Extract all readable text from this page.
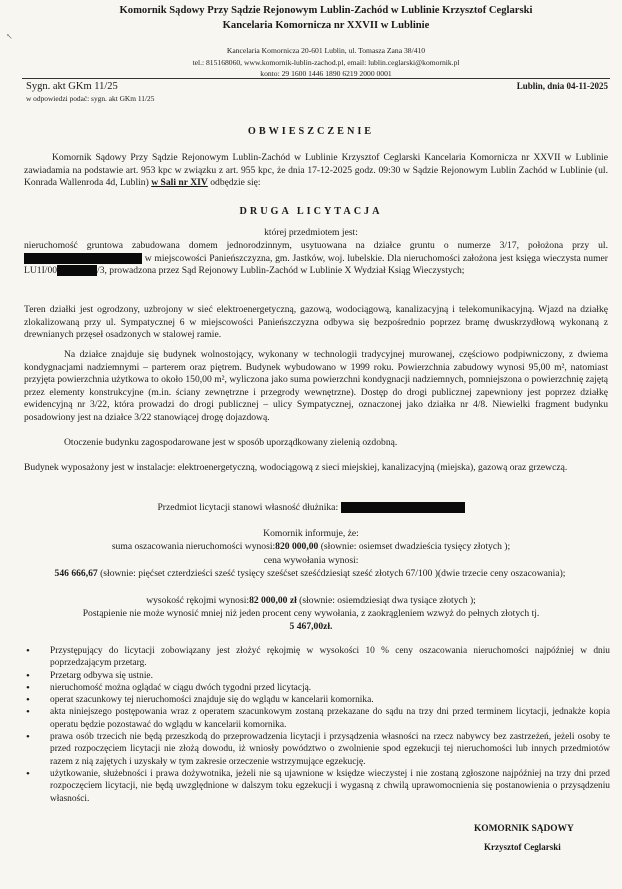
↖
Komornik Sądowy Przy Sądzie Rejonowym Lublin-Zachód w Lublinie Krzysztof Ceglarski
Kancelaria Komornicza nr XXVII w Lublinie
Kancelaria Komornicza 20-601 Lublin, ul. Tomasza Zana 38/410
tel.: 815168060, www.komornik-lublin-zachod.pl, email: lublin.ceglarski@komornik.pl
konto: 29 1600 1446 1890 6219 2000 0001
Sygn. akt GKm 11/25
w odpowiedzi podać: sygn. akt GKm 11/25
Lublin, dnia 04-11-2025
OBWIESZCZENIE
Komornik Sądowy Przy Sądzie Rejonowym Lublin-Zachód w Lublinie Krzysztof Ceglarski Kancelaria Komornicza nr XXVII w Lublinie zawiadamia na podstawie art. 953 kpc w związku z art. 955 kpc, że dnia 17-12-2025 godz. 09:30 w Sądzie Rejonowym Lublin Zachód w Lublinie (ul. Konrada Wallenroda 4d, Lublin) w Sali nr XIV odbędzie się:
DRUGA LICYTACJA
której przedmiotem jest:
nieruchomość gruntowa zabudowana domem jednorodzinnym, usytuowana na działce gruntu o numerze 3/17, położona przy ul.  w miejscowości Panieńszczyzna, gm. Jastków, woj. lubelskie. Dla nieruchomości założona jest księga wieczysta numer LU1I/00	/3, prowadzona przez Sąd Rejonowy Lublin-Zachód w Lublinie X Wydział Ksiąg Wieczystych;
Teren działki jest ogrodzony, uzbrojony w sieć elektroenergetyczną, gazową, wodociągową, kanalizacyjną i telekomunikacyjną. Wjazd na działkę zlokalizowaną przy ul. Sympatycznej 6 w miejscowości Panieńszczyzna odbywa się bezpośrednio poprzez bramę dwuskrzydłową wykonaną z drewnianych przęseł osadzonych w stalowej ramie.
Na działce znajduje się budynek wolnostojący, wykonany w technologii tradycyjnej murowanej, częściowo podpiwniczony, z dwiema kondygnacjami nadziemnymi – parterem oraz piętrem. Budynek wybudowano w 1999 roku. Powierzchnia zabudowy wynosi 95,00 m², natomiast przyjęta powierzchnia użytkowa to około 150,00 m², wyliczona jako suma powierzchni kondygnacji nadziemnych, pomniejszona o powierzchnię zajętą przez elementy konstrukcyjne (m.in. ściany zewnętrzne i przegrody wewnętrzne). Dostęp do drogi publicznej zapewniony jest poprzez działkę ewidencyjną nr 3/22, która prowadzi do drogi publicznej – ulicy Sympatycznej, oznaczonej jako działka nr 4/8. Niewielki fragment budynku posadowiony jest na działce 3/22 stanowiącej drogę dojazdową.
Otoczenie budynku zagospodarowane jest w sposób uporządkowany zielenią ozdobną.
Budynek wyposażony jest w instalacje: elektroenergetyczną, wodociągową z sieci miejskiej, kanalizacyjną (miejska), gazową oraz grzewczą.
Przedmiot licytacji stanowi własność dłużnika:
Komornik informuje, że:
suma oszacowania nieruchomości wynosi:820 000,00 (słownie: osiemset dwadzieścia tysięcy złotych );
cena wywołania wynosi:
546 666,67 (słownie: pięćset czterdzieści sześć tysięcy sześćset sześćdziesiąt sześć złotych 67/100 )(dwie trzecie ceny oszacowania);
wysokość rękojmi wynosi:82 000,00 zł (słownie: osiemdziesiąt dwa tysiące złotych );
Postąpienie nie może wynosić mniej niż jeden procent ceny wywołania, z zaokrągleniem wzwyż do pełnych złotych tj.
5 467,00zł.
• Przystępujący do licytacji zobowiązany jest złożyć rękojmię w wysokości 10 % ceny oszacowania nieruchomości najpóźniej w dniu poprzedzającym przetarg.
• Przetarg odbywa się ustnie.
• nieruchomość można oglądać w ciągu dwóch tygodni przed licytacją.
• operat szacunkowy tej nieruchomości znajduje się do wglądu w kancelarii komornika.
• akta niniejszego postępowania wraz z operatem szacunkowym zostaną przekazane do sądu na trzy dni przed terminem licytacji, jednakże kopia operatu będzie pozostawać do wglądu w kancelarii komornika.
• prawa osób trzecich nie będą przeszkodą do przeprowadzenia licytacji i przysądzenia własności na rzecz nabywcy bez zastrzeżeń, jeżeli osoby te przed rozpoczęciem licytacji nie złożą dowodu, iż wniosły powództwo o zwolnienie spod egzekucji tej nieruchomości lub innych przedmiotów razem z nią zajętych i uzyskały w tym zakresie orzeczenie wstrzymujące egzekucję.
• użytkowanie, służebności i prawa dożywotnika, jeżeli nie są ujawnione w księdze wieczystej i nie zostaną zgłoszone najpóźniej na trzy dni przed rozpoczęciem licytacji, nie będą uwzględnione w dalszym toku egzekucji i wygasną z chwilą uprawomocnienia się postanowienia o przysądzeniu własności.
KOMORNIK SĄDOWY
Krzysztof Ceglarski
